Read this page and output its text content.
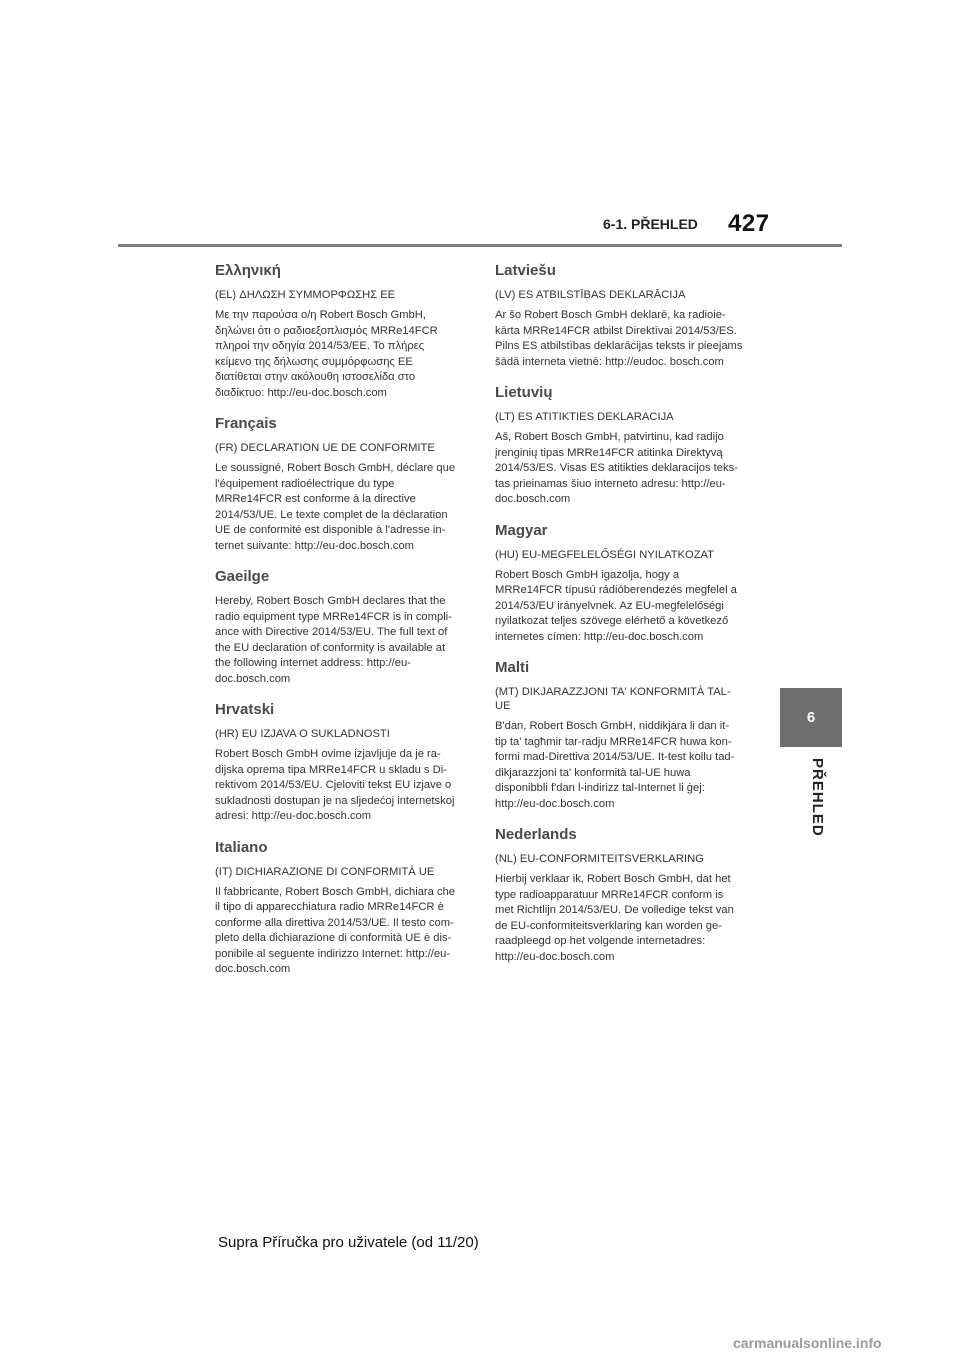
6-1. PŘEHLED 427
6
PŘEHLED
Ελληνική
(EL) ΔΗΛΩΣΗ ΣΥΜΜΟΡΦΩΣΗΣ ΕΕ
Με την παρούσα ο/η Robert Bosch GmbH,
δηλώνει ότι ο ραδιοεξοπλισμός MRRe14FCR
πληροί την οδηγία 2014/53/ΕΕ. Το πλήρες
κείμενο της δήλωσης συμμόρφωσης ΕΕ
διατίθεται στην ακόλουθη ιστοσελίδα στο
διαδίκτυο: http://eu-doc.bosch.com
Français
(FR) DECLARATION UE DE CONFORMITE
Le soussigné, Robert Bosch GmbH, déclare que
l'équipement radioélectrique du type
MRRe14FCR est conforme à la directive
2014/53/UE. Le texte complet de la déclaration
UE de conformité est disponible à l'adresse in-
ternet suivante: http://eu-doc.bosch.com
Gaeilge
Hereby, Robert Bosch GmbH declares that the
radio equipment type MRRe14FCR is in compli-
ance with Directive 2014/53/EU. The full text of
the EU declaration of conformity is available at
the following internet address: http://eu-
doc.bosch.com
Hrvatski
(HR) EU IZJAVA O SUKLADNOSTI
Robert Bosch GmbH ovime izjavljuje da je ra-
dijska oprema tipa MRRe14FCR u skladu s Di-
rektivom 2014/53/EU. Cjeloviti tekst EU izjave o
sukladnosti dostupan je na sljedećoj internetskoj
adresi: http://eu-doc.bosch.com
Italiano
(IT) DICHIARAZIONE DI CONFORMITÀ UE
Il fabbricante, Robert Bosch GmbH, dichiara che
il tipo di apparecchiatura radio MRRe14FCR è
conforme alla direttiva 2014/53/UE. Il testo com-
pleto della dichiarazione di conformità UE è dis-
ponibile al seguente indirizzo Internet: http://eu-
doc.bosch.com
Latviešu
(LV) ES ATBILSTĪBAS DEKLARĀCIJA
Ar šo Robert Bosch GmbH deklarē, ka radioie-
kārta MRRe14FCR atbilst Direktīvai 2014/53/ES.
Pilns ES atbilstības deklarācijas teksts ir pieejams
šādā interneta vietnē: http://eudoc. bosch.com
Lietuvių
(LT) ES ATITIKTIES DEKLARACIJA
Aš, Robert Bosch GmbH, patvirtinu, kad radijo
įrenginių tipas MRRe14FCR atitinka Direktyvą
2014/53/ES. Visas ES atitikties deklaracijos teks-
tas prieinamas šiuo interneto adresu: http://eu-
doc.bosch.com
Magyar
(HU) EU-MEGFELELŐSÉGI NYILATKOZAT
Robert Bosch GmbH igazolja, hogy a
MRRe14FCR típusú rádióberendezés megfelel a
2014/53/EU irányelvnek. Az EU-megfelelőségi
nyilatkozat teljes szövege elérhető a következő
internetes címen: http://eu-doc.bosch.com
Malti
(MT) DIKJARAZZJONI TA' KONFORMITÀ TAL-
UE
B'dan, Robert Bosch GmbH, niddikjara li dan it-
tip ta' tagħmir tar-radju MRRe14FCR huwa kon-
formi mad-Direttiva 2014/53/UE. It-test kollu tad-
dikjarazzjoni ta' konformità tal-UE huwa
disponibbli f'dan l-indirizz tal-Internet li ġej:
http://eu-doc.bosch.com
Nederlands
(NL) EU-CONFORMITEITSVERKLARING
Hierbij verklaar ik, Robert Bosch GmbH, dat het
type radioapparatuur MRRe14FCR conform is
met Richtlijn 2014/53/EU. De volledige tekst van
de EU-conformiteitsverklaring kan worden ge-
raadpleegd op het volgende internetadres:
http://eu-doc.bosch.com
Supra Příručka pro uživatele (od 11/20)
carmanualsonline.info
